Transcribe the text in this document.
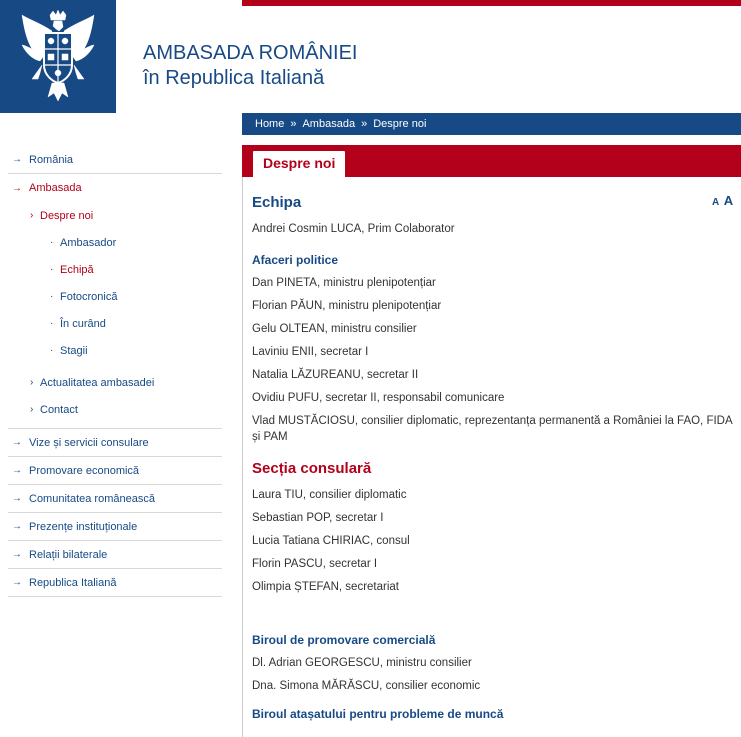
AMBASADA ROMÂNIEI
în Republica Italiană
Home » Ambasada » Despre noi
→ România
→ Ambasada
› Despre noi
· Ambasador
· Echipă
· Fotocronică
· În curând
· Stagii
› Actualitatea ambasadei
› Contact
→ Vize și servicii consulare
→ Promovare economică
→ Comunitatea românească
→ Prezențe instituționale
→ Relații bilaterale
→ Republica Italiană
Despre noi
A A
Echipa
Andrei Cosmin LUCA, Prim Colaborator
Afaceri politice
Dan PINETA, ministru plenipotențiar
Florian PĂUN, ministru plenipotențiar
Gelu OLTEAN, ministru consilier
Laviniu ENII, secretar I
Natalia LĂZUREANU, secretar II
Ovidiu PUFU, secretar II, responsabil comunicare
Vlad MUSTĂCIOSU, consilier diplomatic, reprezentanța permanentă a României la FAO, FIDA și PAM
Secția consulară
Laura TIU, consilier diplomatic
Sebastian POP, secretar I
Lucia Tatiana CHIRIAC, consul
Florin PASCU, secretar I
Olimpia ȘTEFAN, secretariat
Biroul de promovare comercială
Dl. Adrian GEORGESCU, ministru consilier
Dna. Simona MĂRĂSCU, consilier economic
Biroul atașatului pentru probleme de muncă
